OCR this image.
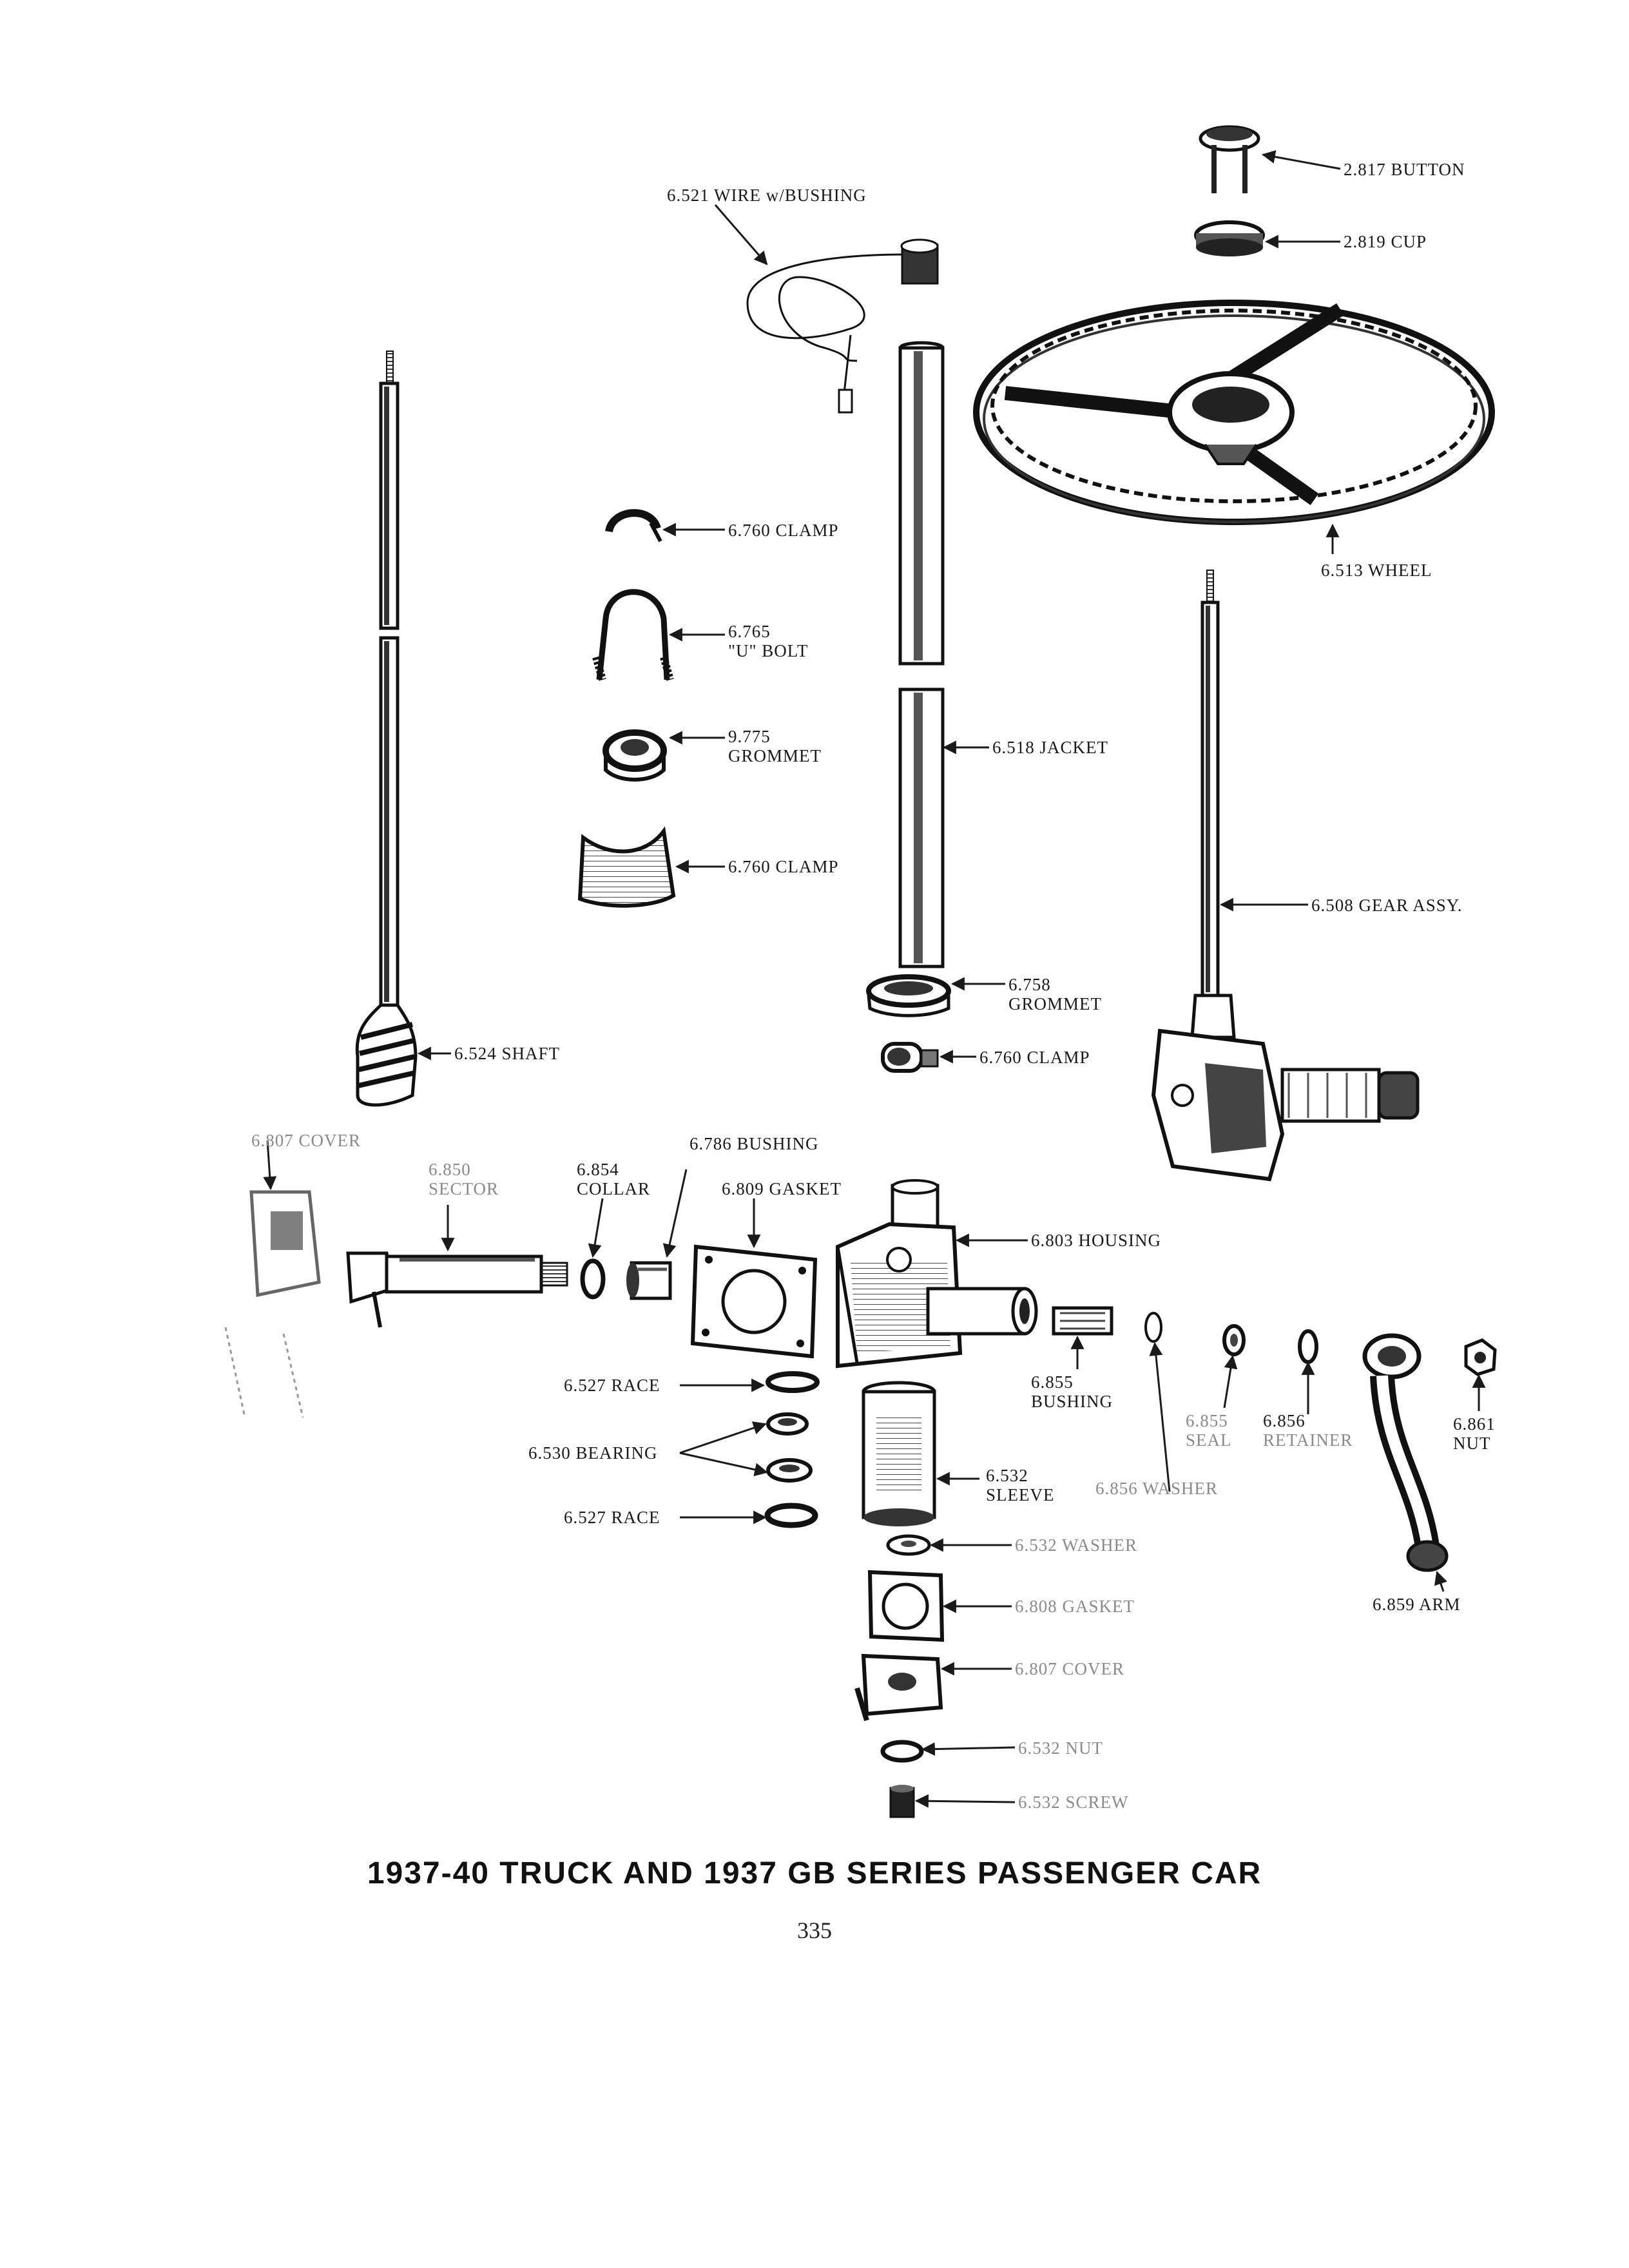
2.817 BUTTON
2.819 CUP
6.521 WIRE w/BUSHING
6.513 WHEEL
6.760 CLAMP
6.765
"U" BOLT
9.775
GROMMET	6.518 JACKET
6.760 CLAMP
6.508 GEAR ASSY.
6.758
GROMMET
6.760 CLAMP
6.524 SHAFT
6.807 COVER
6.850
SECTOR
6.854
COLLAR
6.786 BUSHING
6.809 GASKET
6.803 HOUSING
6.527 RACE
6.530 BEARING
6.527 RACE
6.532
SLEEVE
6.855
BUSHING
6.856 WASHER
6.855
SEAL
6.856
RETAINER
6.861
NUT
6.859 ARM
6.532 WASHER
6.808 GASKET
6.807 COVER
6.532 NUT
6.532 SCREW
1937-40 TRUCK AND 1937 GB SERIES PASSENGER CAR
335
